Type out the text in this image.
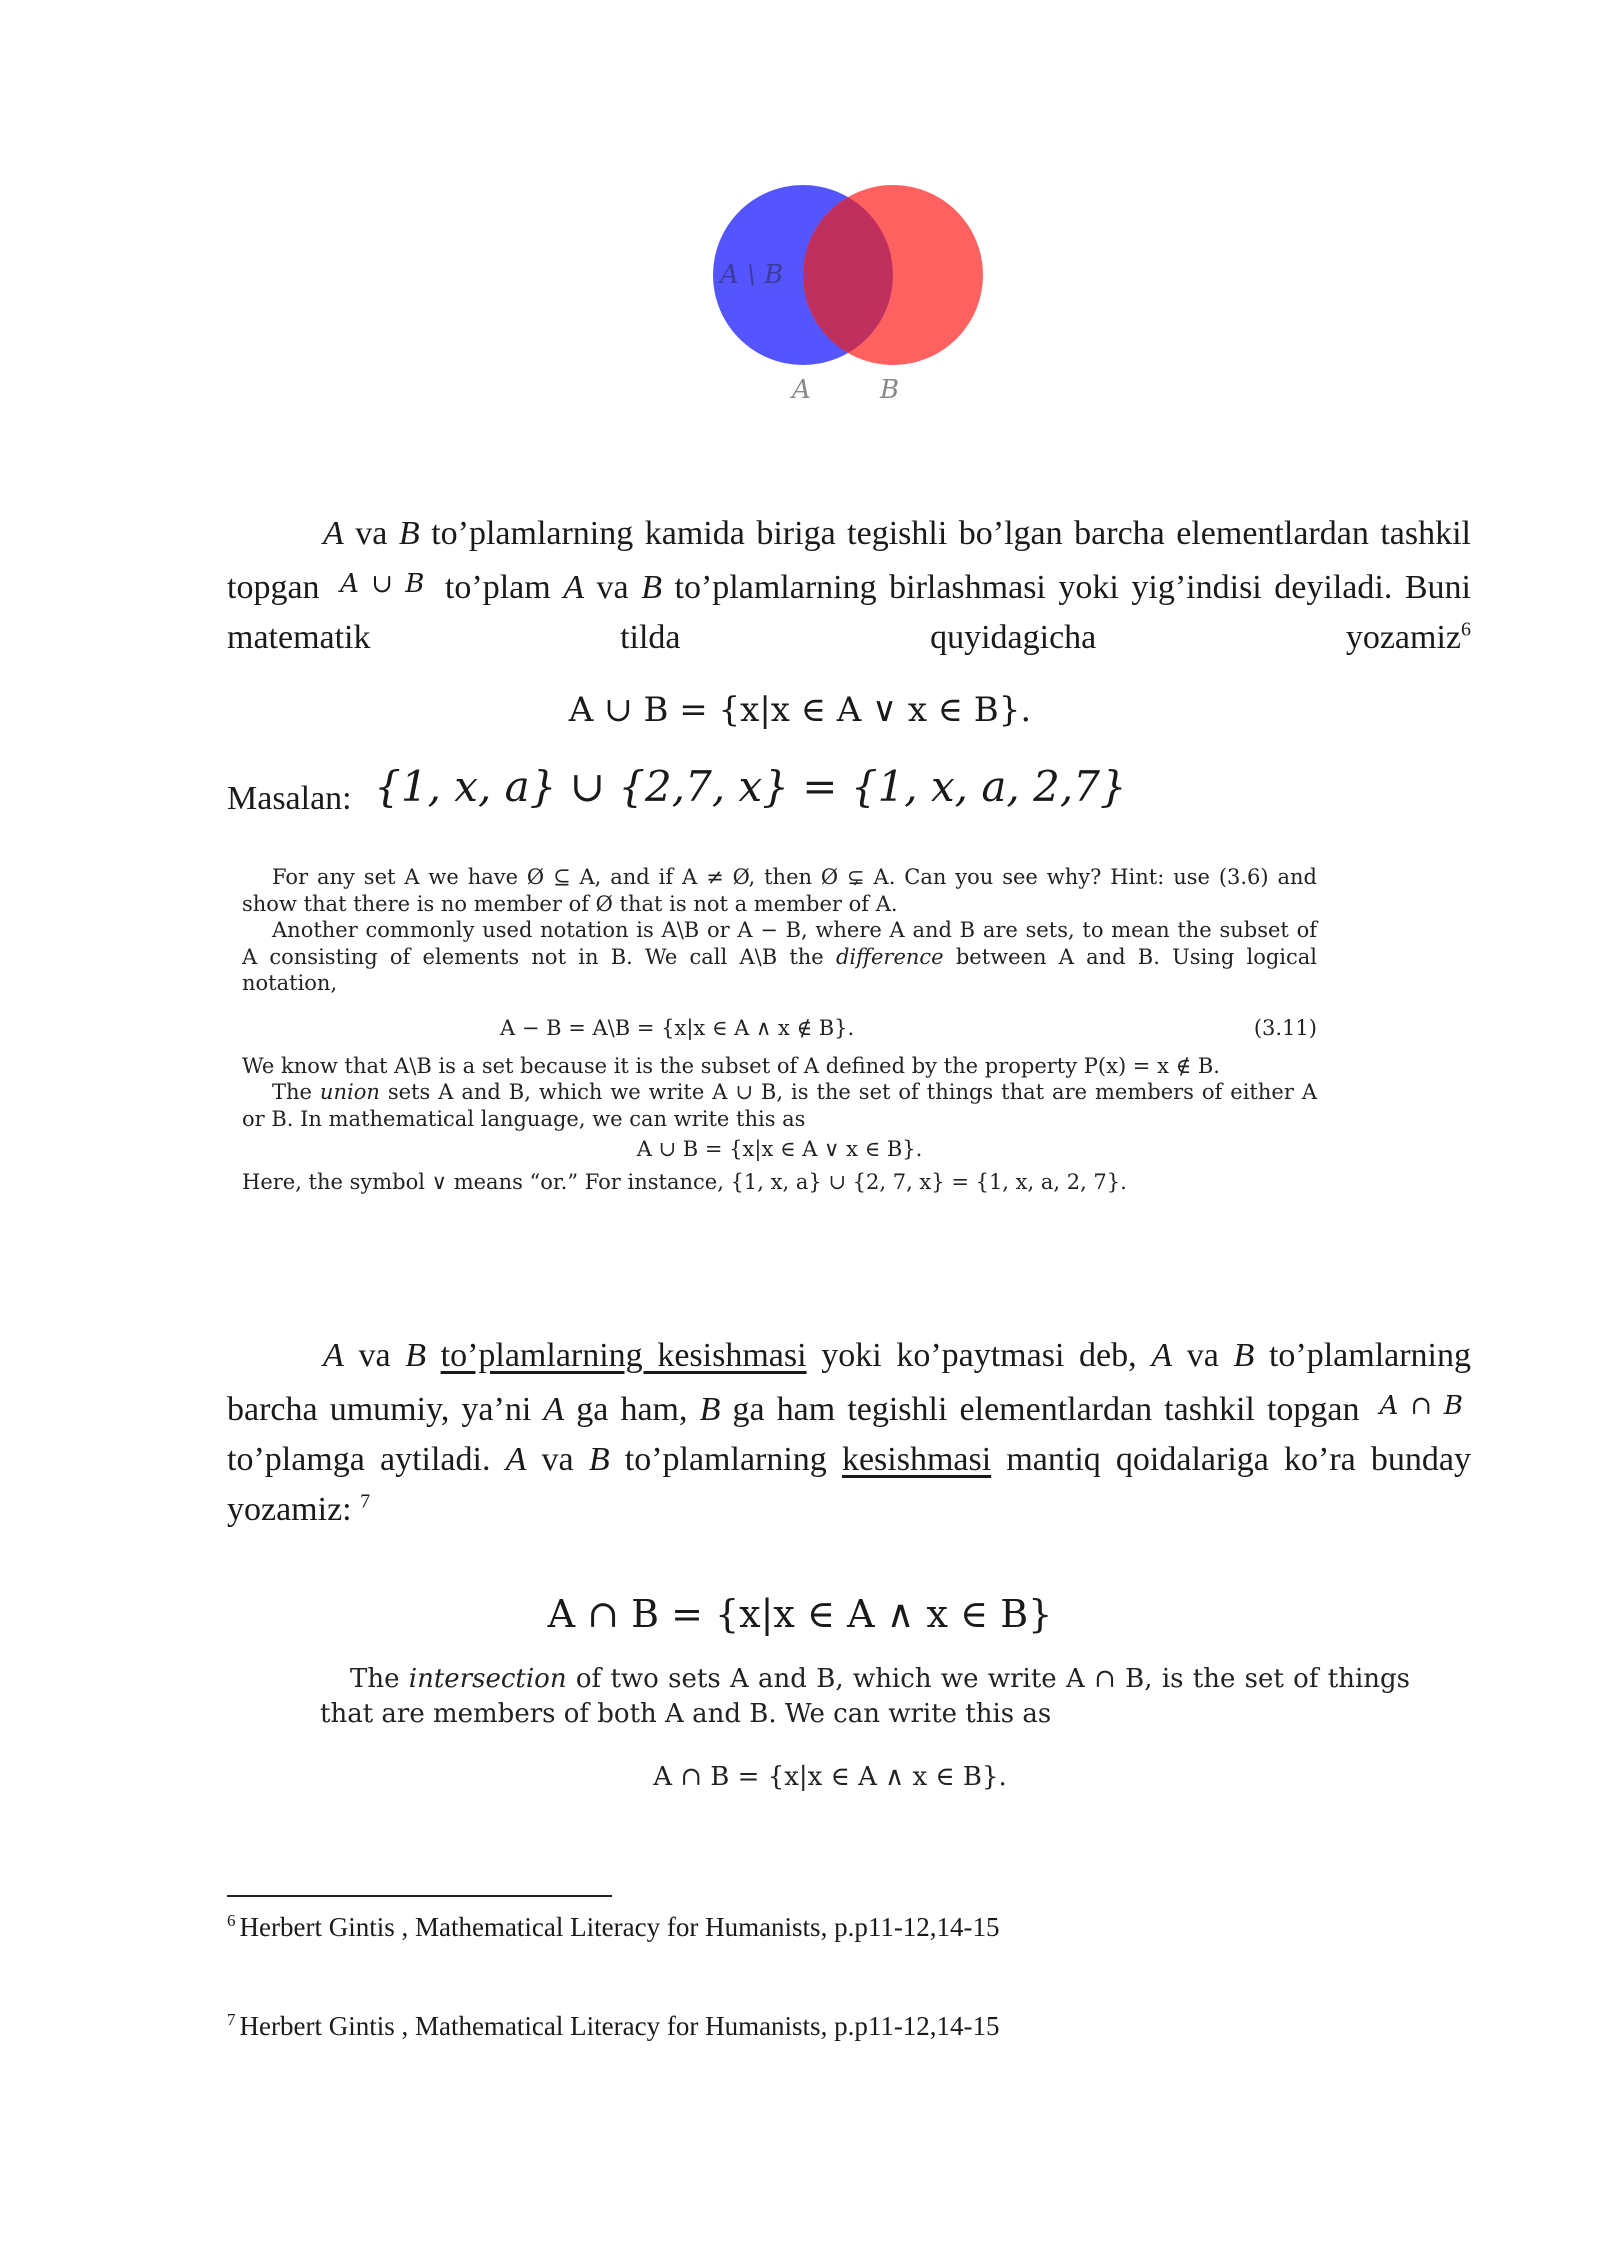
A \ B
A	B
A va B to’plamlarning kamida biriga tegishli bo’lgan barcha elementlardan tashkil topgan A ∪ B to’plam A va B to’plamlarning birlashmasi yoki yig’indisi deyiladi. Buni matematik tilda quyidagicha yozamiz$^6$
A ∪ B = {x|x ∈ A ∨ x ∈ B}.
Masalan: {1, x, a} ∪ {2,7, x} = {1, x, a, 2,7}

For any set A we have Ø ⊆ A, and if A ≠ Ø, then Ø ⊊ A. Can you see why? Hint: use (3.6) and show that there is no member of Ø that is not a member of A.

Another commonly used notation is A\B or A − B, where A and B are sets, to mean the subset of A consisting of elements not in B. We call A\B the difference between A and B. Using logical notation,

A − B = A\B = {x|x ∈ A ∧ x ∉ B}.	(3.11)

We know that A\B is a set because it is the subset of A defined by the property P(x) = x ∉ B.

The union sets A and B, which we write A ∪ B, is the set of things that are members of either A or B. In mathematical language, we can write this as

A ∪ B = {x|x ∈ A ∨ x ∈ B}.

Here, the symbol ∨ means “or.” For instance, {1, x, a} ∪ {2, 7, x} = {1, x, a, 2, 7}.

A va B to’plamlarning kesishmasi yoki ko’paytmasi deb, A va B to’plamlarning barcha umumiy, ya’ni A ga ham, B ga ham tegishli elementlardan tashkil topgan A ∩ B to’plamga aytiladi. A va B to’plamlarning kesishmasi mantiq qoidalariga ko’ra bunday yozamiz: $^7$
A ∩ B = {x|x ∈ A ∧ x ∈ B}

The intersection of two sets A and B, which we write A ∩ B, is the set of things that are members of both A and B. We can write this as

A ∩ B = {x|x ∈ A ∧ x ∈ B}.
$^6$ Herbert Gintis , Mathematical Literacy for Humanists, p.p11-12,14-15
$^7$ Herbert Gintis , Mathematical Literacy for Humanists, p.p11-12,14-15
